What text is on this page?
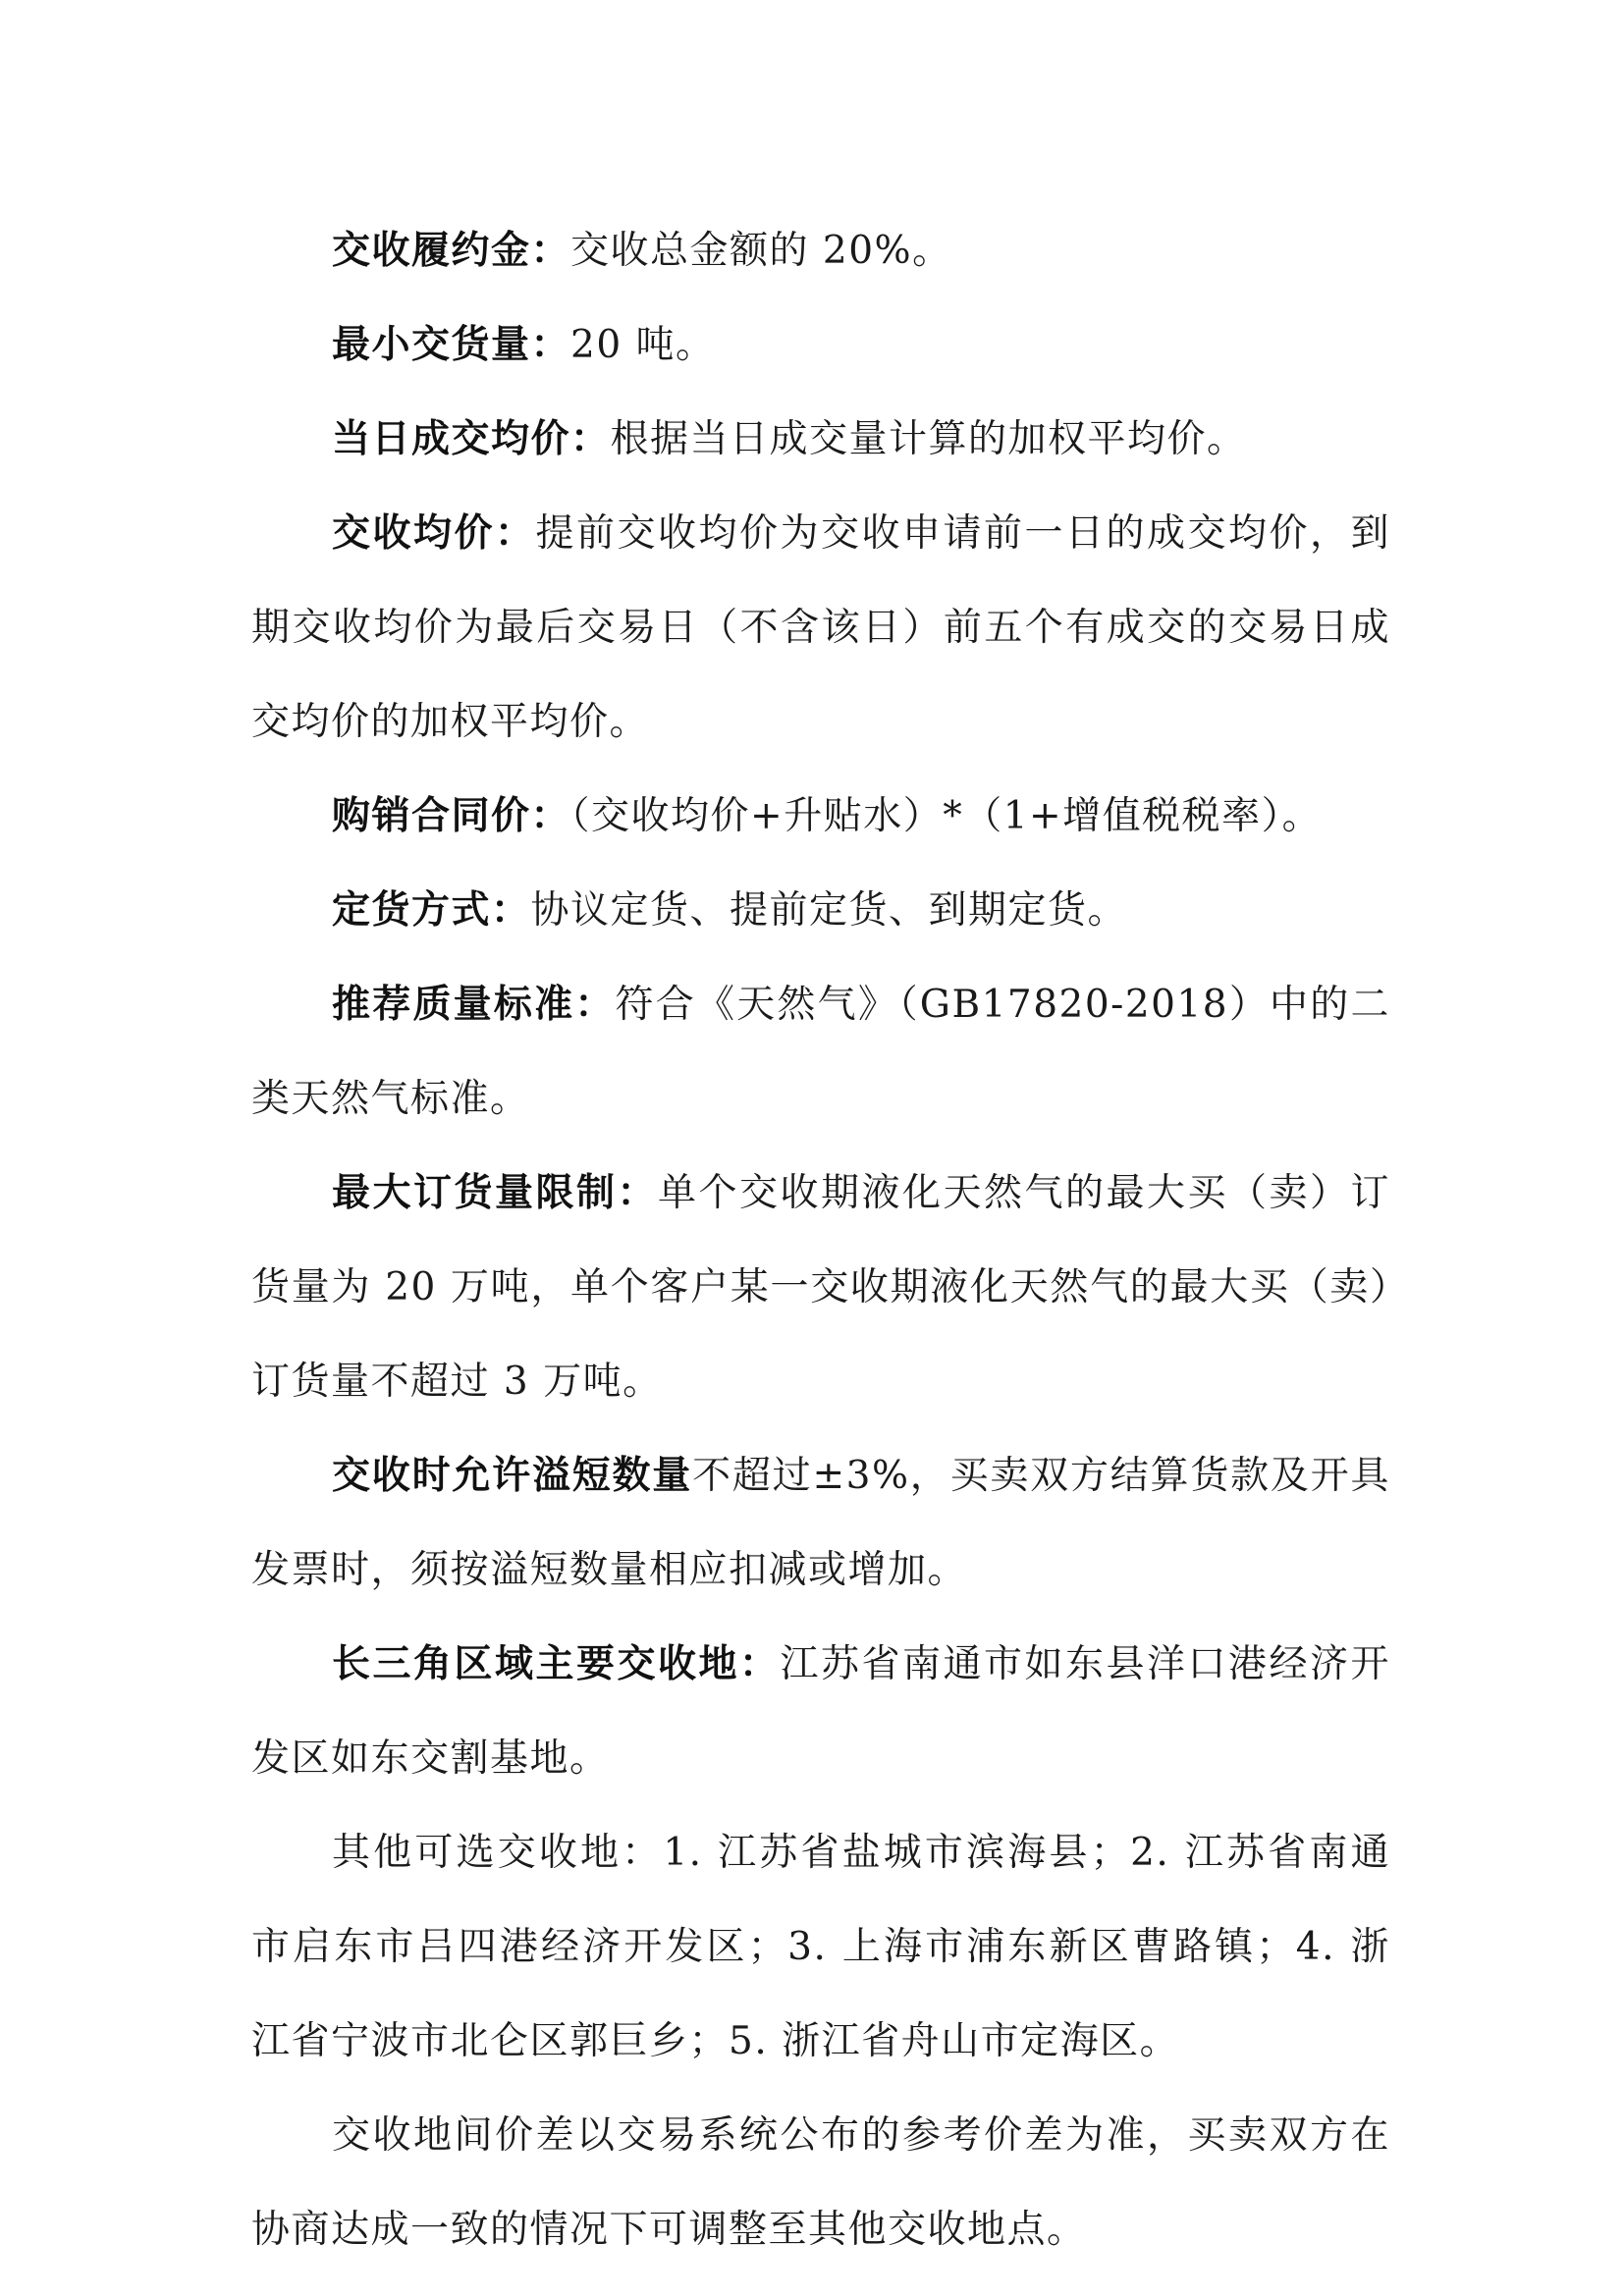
交收履约金：交收总金额的 20%。

最小交货量：20 吨。

当日成交均价：根据当日成交量计算的加权平均价。

交收均价：提前交收均价为交收申请前一日的成交均价，到期交收均价为最后交易日（不含该日）前五个有成交的交易日成交均价的加权平均价。

购销合同价：（交收均价+升贴水）*（1+增值税税率）。

定货方式：协议定货、提前定货、到期定货。

推荐质量标准：符合《天然气》（GB17820-2018）中的二类天然气标准。

最大订货量限制：单个交收期液化天然气的最大买（卖）订货量为 20 万吨，单个客户某一交收期液化天然气的最大买（卖）订货量不超过 3 万吨。

交收时允许溢短数量不超过±3%，买卖双方结算货款及开具发票时，须按溢短数量相应扣减或增加。

长三角区域主要交收地：江苏省南通市如东县洋口港经济开发区如东交割基地。

其他可选交收地：1. 江苏省盐城市滨海县；2. 江苏省南通市启东市吕四港经济开发区；3. 上海市浦东新区曹路镇；4. 浙江省宁波市北仑区郭巨乡；5. 浙江省舟山市定海区。

交收地间价差以交易系统公布的参考价差为准，买卖双方在协商达成一致的情况下可调整至其他交收地点。
